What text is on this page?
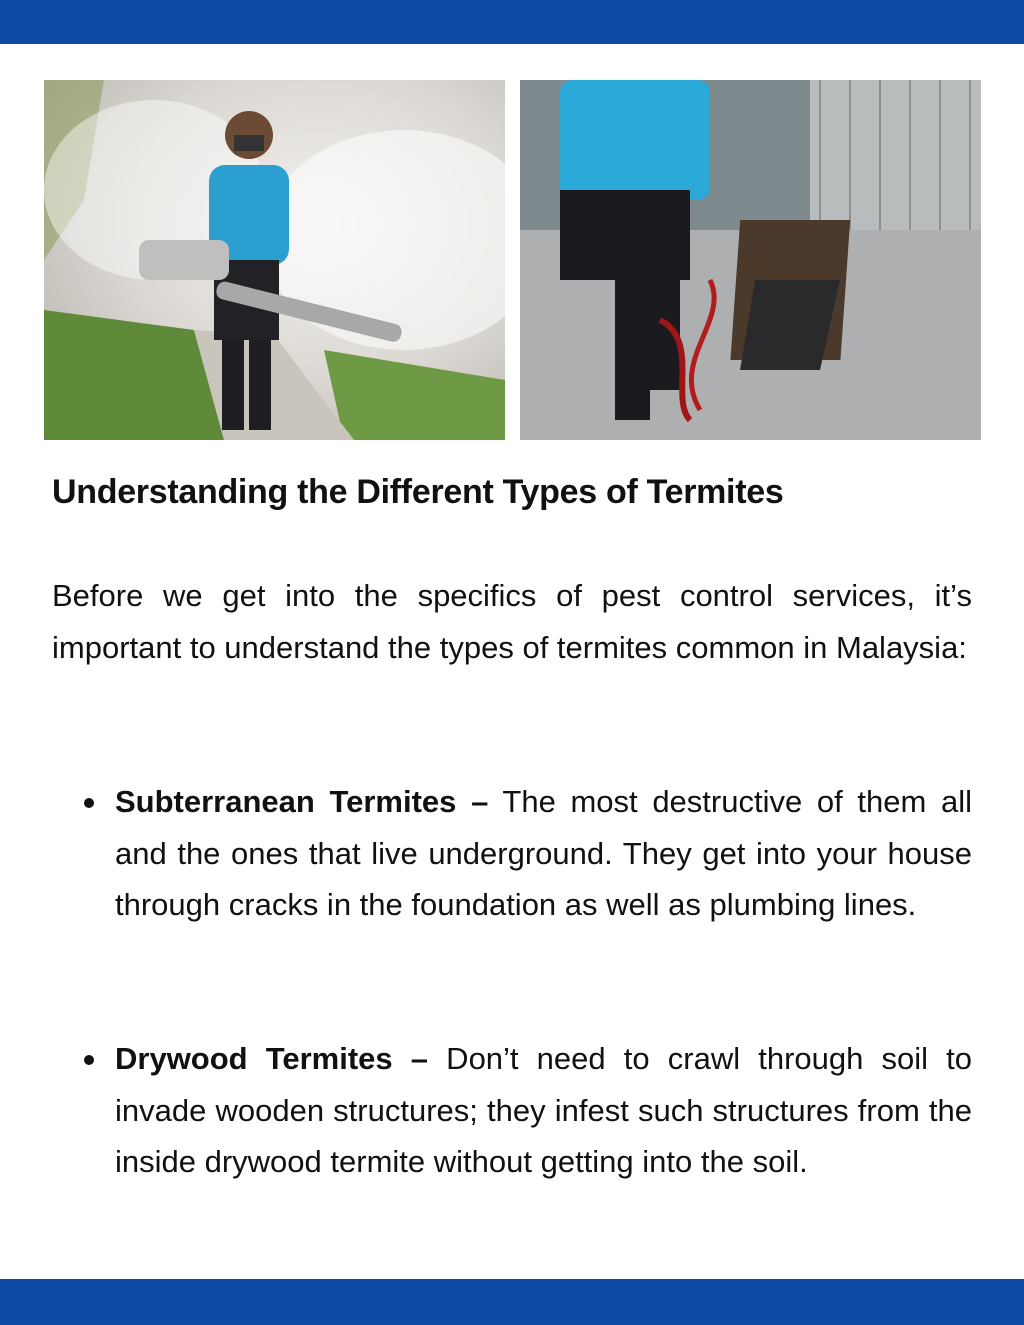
Understanding the Different Types of Termites

Before we get into the specifics of pest control services, it’s important to understand the types of termites common in Malaysia:

Subterranean Termites – The most destructive of them all and the ones that live underground. They get into your house through cracks in the foundation as well as plumbing lines.

Drywood Termites – Don’t need to crawl through soil to invade wooden structures; they infest such structures from the inside drywood termite without getting into the soil.
